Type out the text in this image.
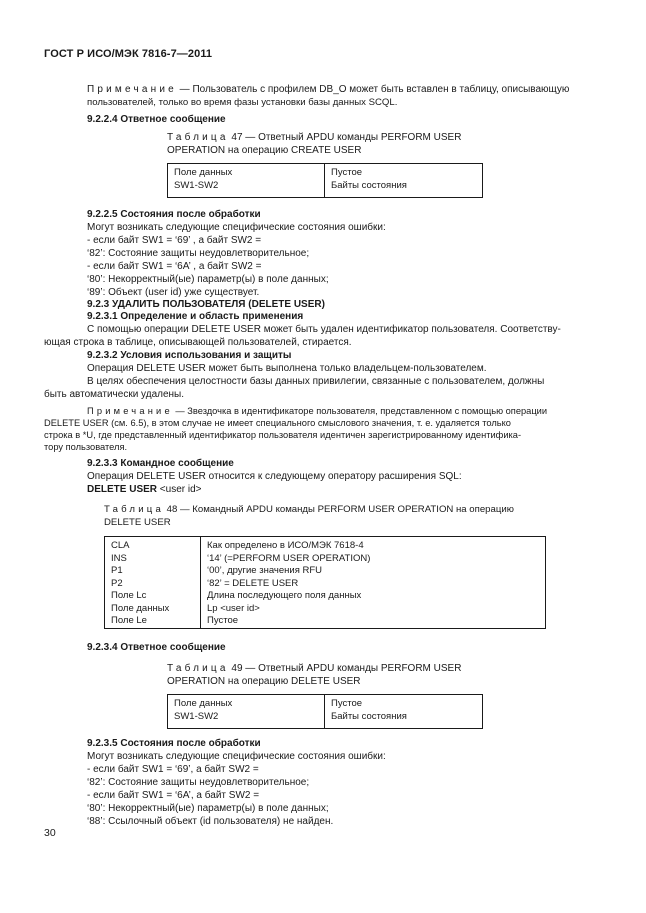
ГОСТ Р ИСО/МЭК 7816-7—2011
Примечание — Пользователь с профилем DB_O может быть вставлен в таблицу, описывающую
пользователей, только во время фазы установки базы данных SCQL.
9.2.2.4 Ответное сообщение
Таблица 47 — Ответный APDU команды PERFORM USER
OPERATION на операцию CREATE USER
Поле данных
SW1-SW2
Пустое
Байты состояния
9.2.2.5 Состояния после обработки
Могут возникать следующие специфические состояния ошибки:
- если байт SW1 = ‘69’ , а байт SW2 =
‘82’: Состояние защиты неудовлетворительное;
- если байт SW1 = ‘6A’ , а байт SW2 =
‘80’: Некорректный(ые) параметр(ы) в поле данных;
‘89’: Объект (user id) уже существует.
9.2.3 УДАЛИТЬ ПОЛЬЗОВАТЕЛЯ (DELETE USER)
9.2.3.1 Определение и область применения
С помощью операции DELETE USER может быть удален идентификатор пользователя. Соответству-
ющая строка в таблице, описывающей пользователей, стирается.
9.2.3.2 Условия использования и защиты
Операция DELETE USER может быть выполнена только владельцем-пользователем.
В целях обеспечения целостности базы данных привилегии, связанные с пользователем, должны
быть автоматически удалены.
Примечание — Звездочка в идентификаторе пользователя, представленном с помощью операции
DELETE USER (см. 6.5), в этом случае не имеет специального смыслового значения, т. е. удаляется только
строка в *U, где представленный идентификатор пользователя идентичен зарегистрированному идентифика-
тору пользователя.
9.2.3.3 Командное сообщение
Операция DELETE USER относится к следующему оператору расширения SQL:
DELETE USER <user id>
Таблица 48 — Командный APDU команды PERFORM USER OPERATION на операцию
DELETE USER
CLA
INS
P1
P2
Поле Lc
Поле данных
Поле Le
Как определено в ИСО/МЭК 7618-4
‘14’ (=PERFORM USER OPERATION)
‘00’, другие значения RFU
‘82’ = DELETE USER
Длина последующего поля данных
Lp <user id>
Пустое
9.2.3.4 Ответное сообщение
Таблица 49 — Ответный APDU команды PERFORM USER
OPERATION на операцию DELETE USER
Поле данных
SW1-SW2
Пустое
Байты состояния
9.2.3.5 Состояния после обработки
Могут возникать следующие специфические состояния ошибки:
- если байт SW1 = ‘69’, а байт SW2 =
‘82’: Состояние защиты неудовлетворительное;
- если байт SW1 = ‘6A’, а байт SW2 =
‘80’: Некорректный(ые) параметр(ы) в поле данных;
‘88’: Ссылочный объект (id пользователя) не найден.
30
